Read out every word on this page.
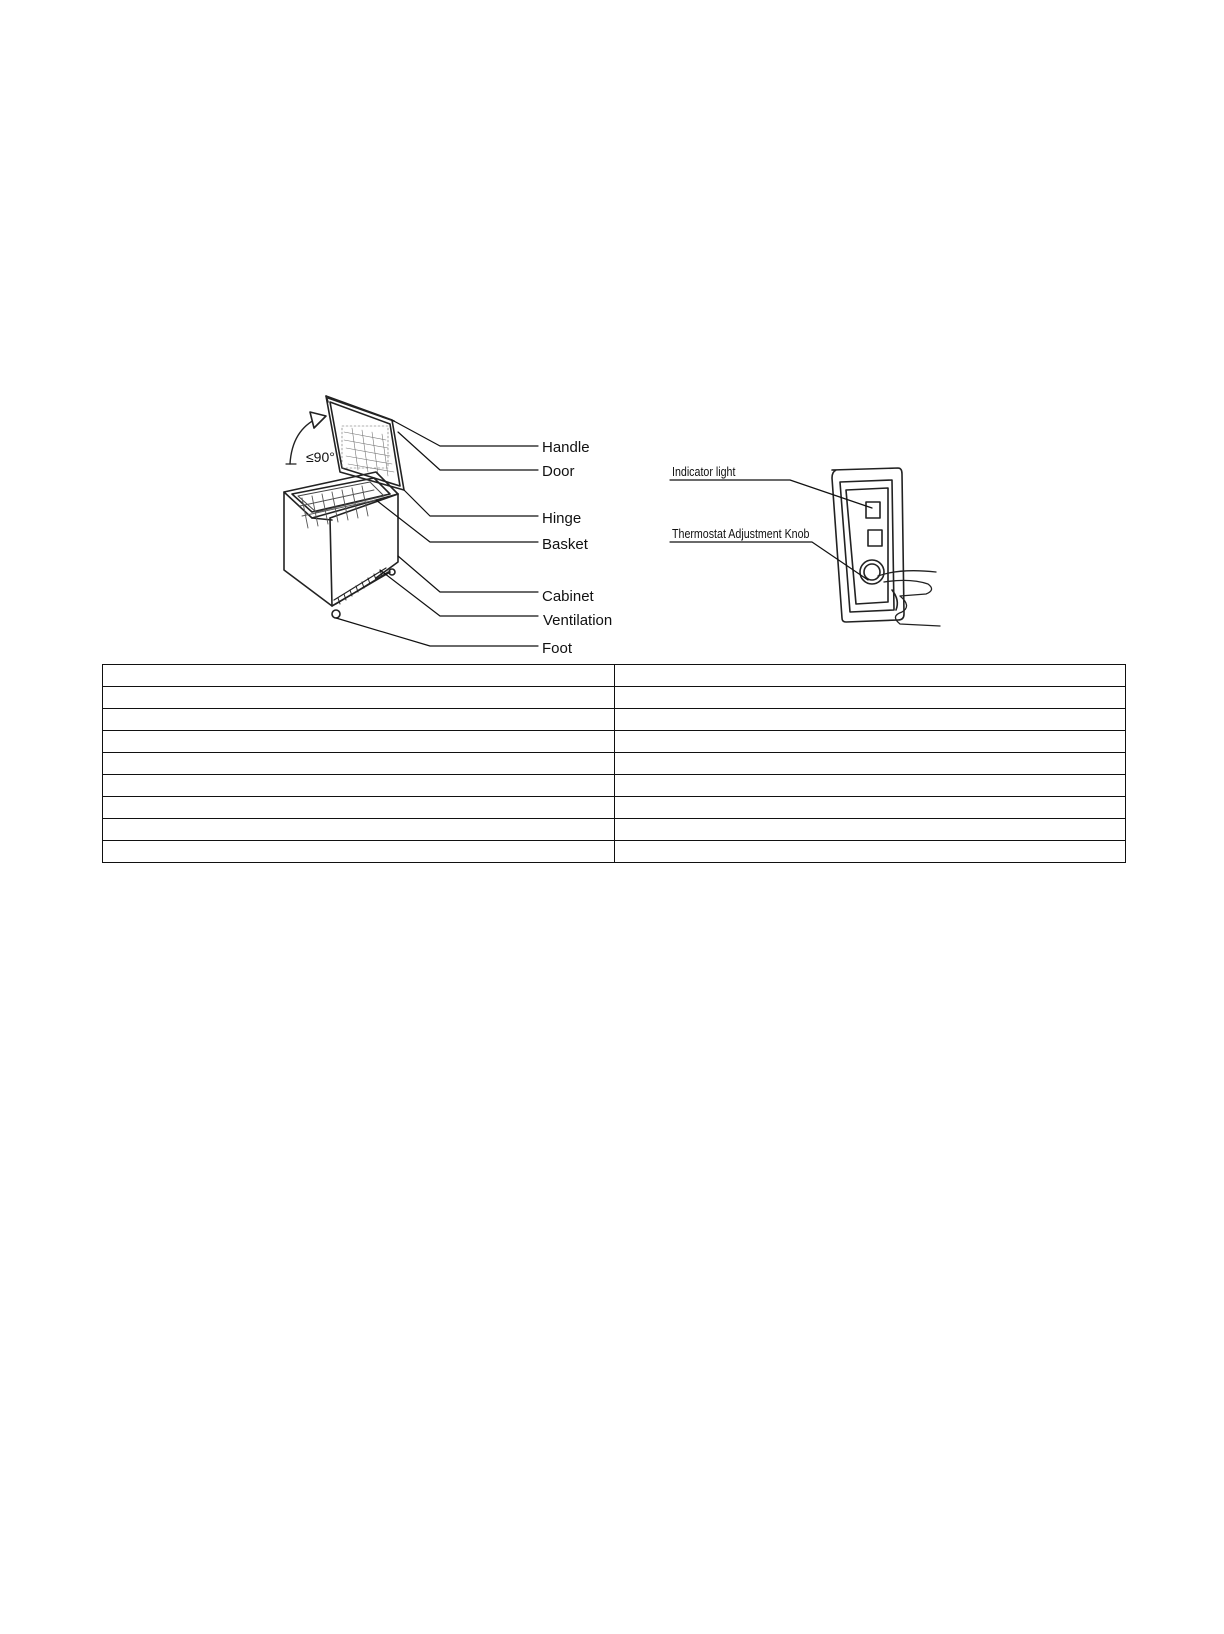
≤90°
Handle
Door
Hinge
Basket
Cabinet
Ventilation
Foot
Indicator light
Thermostat Adjustment Knob
